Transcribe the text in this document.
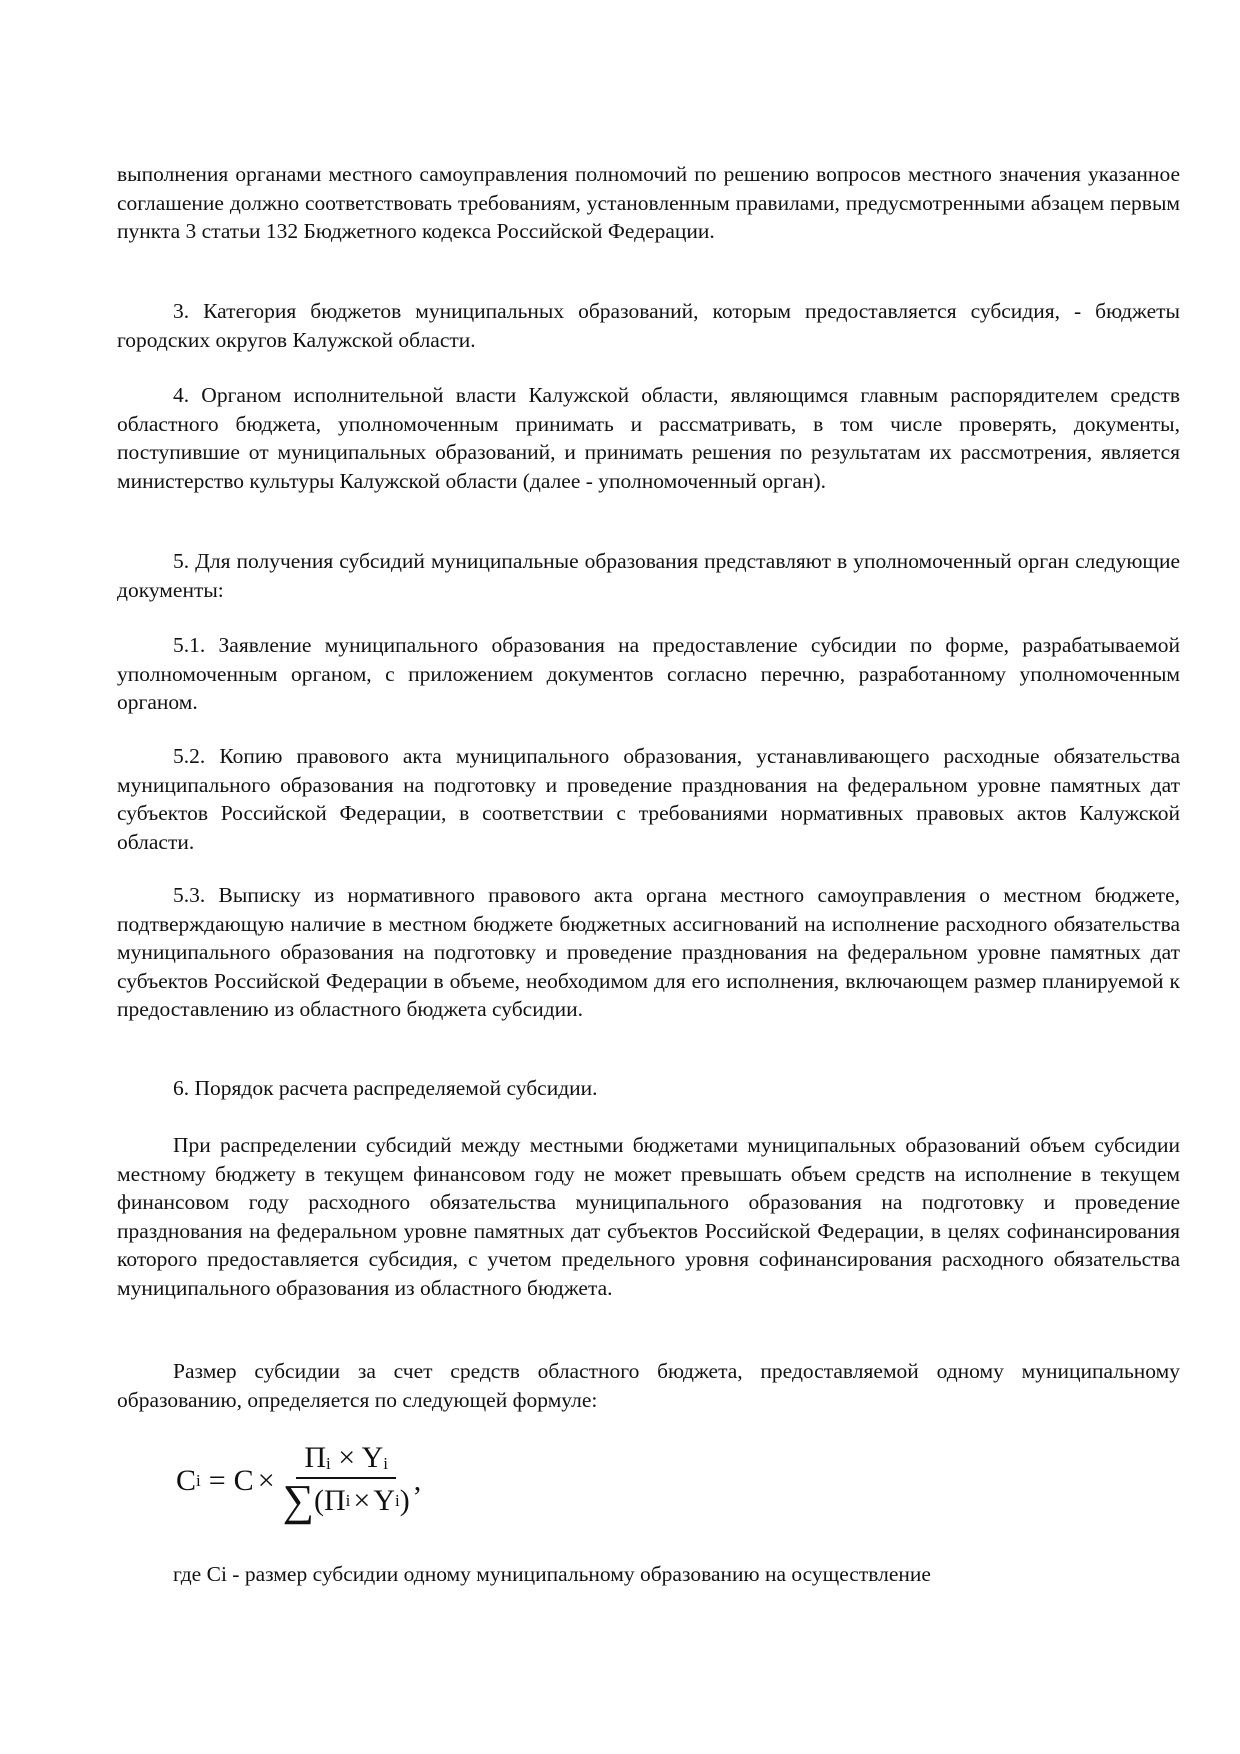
выполнения органами местного самоуправления полномочий по решению вопросов местного значения указанное соглашение должно соответствовать требованиям, установленным правилами, предусмотренными абзацем первым пункта 3 статьи 132 Бюджетного кодекса Российской Федерации.

3. Категория бюджетов муниципальных образований, которым предоставляется субсидия, - бюджеты городских округов Калужской области.

4. Органом исполнительной власти Калужской области, являющимся главным распорядителем средств областного бюджета, уполномоченным принимать и рассматривать, в том числе проверять, документы, поступившие от муниципальных образований, и принимать решения по результатам их рассмотрения, является министерство культуры Калужской области (далее - уполномоченный орган).

5. Для получения субсидий муниципальные образования представляют в уполномоченный орган следующие документы:

5.1. Заявление муниципального образования на предоставление субсидии по форме, разрабатываемой уполномоченным органом, с приложением документов согласно перечню, разработанному уполномоченным органом.

5.2. Копию правового акта муниципального образования, устанавливающего расходные обязательства муниципального образования на подготовку и проведение празднования на федеральном уровне памятных дат субъектов Российской Федерации, в соответствии с требованиями нормативных правовых актов Калужской области.

5.3. Выписку из нормативного правового акта органа местного самоуправления о местном бюджете, подтверждающую наличие в местном бюджете бюджетных ассигнований на исполнение расходного обязательства муниципального образования на подготовку и проведение празднования на федеральном уровне памятных дат субъектов Российской Федерации в объеме, необходимом для его исполнения, включающем размер планируемой к предоставлению из областного бюджета субсидии.

6. Порядок расчета распределяемой субсидии.

При распределении субсидий между местными бюджетами муниципальных образований объем субсидии местному бюджету в текущем финансовом году не может превышать объем средств на исполнение в текущем финансовом году расходного обязательства муниципального образования на подготовку и проведение празднования на федеральном уровне памятных дат субъектов Российской Федерации, в целях софинансирования которого предоставляется субсидия, с учетом предельного уровня софинансирования расходного обязательства муниципального образования из областного бюджета.

Размер субсидии за счет средств областного бюджета, предоставляемой одному муниципальному образованию, определяется по следующей формуле:

C $i = C \times \frac{П_i \times Y_i}{\text{∑ ( П i × Y i )}}$ ,

где Ci - размер субсидии одному муниципальному образованию на осуществление
